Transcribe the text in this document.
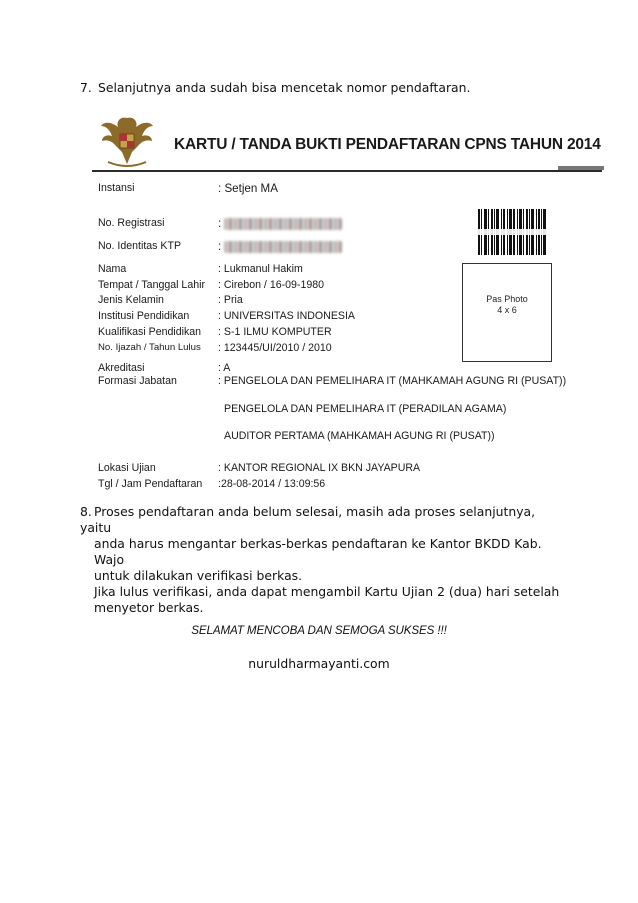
7. Selanjutnya anda sudah bisa mencetak nomor pendaftaran.
KARTU / TANDA BUKTI PENDAFTARAN CPNS TAHUN 2014
Instansi	: Setjen MA
No. Registrasi	:
No. Identitas KTP	:
Nama	: Lukmanul Hakim
Tempat / Tanggal Lahir : Cirebon / 16-09-1980
Jenis Kelamin	: Pria
Institusi Pendidikan	: UNIVERSITAS INDONESIA
Kualifikasi Pendidikan : S-1 ILMU KOMPUTER
No. Ijazah / Tahun Lulus : 123445/UI/2010 / 2010
Akreditasi	: A
Formasi Jabatan	: PENGELOLA DAN PEMELIHARA IT (MAHKAMAH AGUNG RI (PUSAT))
PENGELOLA DAN PEMELIHARA IT (PERADILAN AGAMA)
AUDITOR PERTAMA (MAHKAMAH AGUNG RI (PUSAT))
Lokasi Ujian	: KANTOR REGIONAL IX BKN JAYAPURA
Tgl / Jam Pendaftaran :28-08-2014 / 13:09:56
Pas Photo
4 x 6
8. Proses pendaftaran anda belum selesai, masih ada proses selanjutnya, yaitu
anda harus mengantar berkas-berkas pendaftaran ke Kantor BKDD Kab. Wajo
untuk dilakukan verifikasi berkas.
Jika lulus verifikasi, anda dapat mengambil Kartu Ujian 2 (dua) hari setelah
menyetor berkas.
SELAMAT MENCOBA DAN SEMOGA SUKSES !!!
nuruldharmayanti.com
